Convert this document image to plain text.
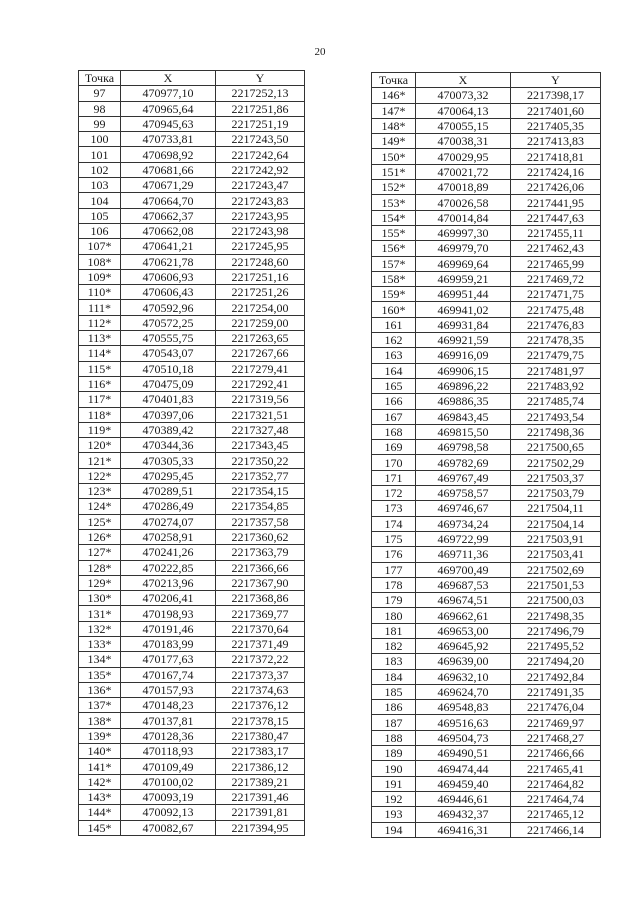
20
Точка	X	Y
97	470977,10	2217252,13
98	470965,64	2217251,86
99	470945,63	2217251,19
100	470733,81	2217243,50
101	470698,92	2217242,64
102	470681,66	2217242,92
103	470671,29	2217243,47
104	470664,70	2217243,83
105	470662,37	2217243,95
106	470662,08	2217243,98
107*	470641,21	2217245,95
108*	470621,78	2217248,60
109*	470606,93	2217251,16
110*	470606,43	2217251,26
111*	470592,96	2217254,00
112*	470572,25	2217259,00
113*	470555,75	2217263,65
114*	470543,07	2217267,66
115*	470510,18	2217279,41
116*	470475,09	2217292,41
117*	470401,83	2217319,56
118*	470397,06	2217321,51
119*	470389,42	2217327,48
120*	470344,36	2217343,45
121*	470305,33	2217350,22
122*	470295,45	2217352,77
123*	470289,51	2217354,15
124*	470286,49	2217354,85
125*	470274,07	2217357,58
126*	470258,91	2217360,62
127*	470241,26	2217363,79
128*	470222,85	2217366,66
129*	470213,96	2217367,90
130*	470206,41	2217368,86
131*	470198,93	2217369,77
132*	470191,46	2217370,64
133*	470183,99	2217371,49
134*	470177,63	2217372,22
135*	470167,74	2217373,37
136*	470157,93	2217374,63
137*	470148,23	2217376,12
138*	470137,81	2217378,15
139*	470128,36	2217380,47
140*	470118,93	2217383,17
141*	470109,49	2217386,12
142*	470100,02	2217389,21
143*	470093,19	2217391,46
144*	470092,13	2217391,81
145*	470082,67	2217394,95
Точка	X	Y
146*	470073,32	2217398,17
147*	470064,13	2217401,60
148*	470055,15	2217405,35
149*	470038,31	2217413,83
150*	470029,95	2217418,81
151*	470021,72	2217424,16
152*	470018,89	2217426,06
153*	470026,58	2217441,95
154*	470014,84	2217447,63
155*	469997,30	2217455,11
156*	469979,70	2217462,43
157*	469969,64	2217465,99
158*	469959,21	2217469,72
159*	469951,44	2217471,75
160*	469941,02	2217475,48
161	469931,84	2217476,83
162	469921,59	2217478,35
163	469916,09	2217479,75
164	469906,15	2217481,97
165	469896,22	2217483,92
166	469886,35	2217485,74
167	469843,45	2217493,54
168	469815,50	2217498,36
169	469798,58	2217500,65
170	469782,69	2217502,29
171	469767,49	2217503,37
172	469758,57	2217503,79
173	469746,67	2217504,11
174	469734,24	2217504,14
175	469722,99	2217503,91
176	469711,36	2217503,41
177	469700,49	2217502,69
178	469687,53	2217501,53
179	469674,51	2217500,03
180	469662,61	2217498,35
181	469653,00	2217496,79
182	469645,92	2217495,52
183	469639,00	2217494,20
184	469632,10	2217492,84
185	469624,70	2217491,35
186	469548,83	2217476,04
187	469516,63	2217469,97
188	469504,73	2217468,27
189	469490,51	2217466,66
190	469474,44	2217465,41
191	469459,40	2217464,82
192	469446,61	2217464,74
193	469432,37	2217465,12
194	469416,31	2217466,14
